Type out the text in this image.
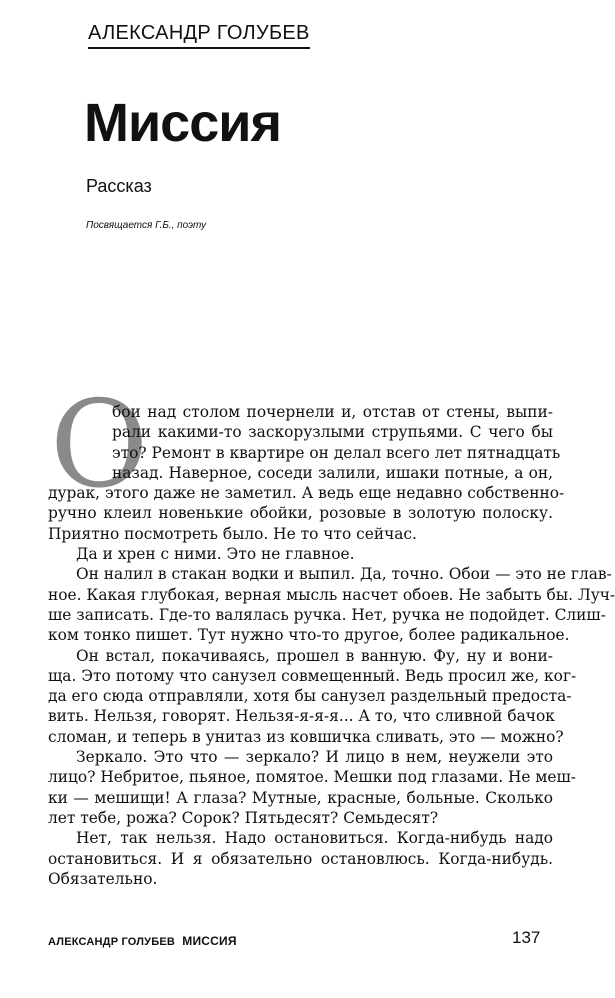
АЛЕКСАНДР ГОЛУБЕВ
Миссия
Рассказ
Посвящается Г.Б., поэту
О
бои над столом почернели и, отстав от стены, выпи-
рали какими-то заскорузлыми струпьями. С чего бы
это? Ремонт в квартире он делал всего лет пятнадцать
назад. Наверное, соседи залили, ишаки потные, а он,
дурак, этого даже не заметил. А ведь еще недавно собственно-
ручно клеил новенькие обойки, розовые в золотую полоску.
Приятно посмотреть было. Не то что сейчас.
Да и хрен с ними. Это не главное.
Он налил в стакан водки и выпил. Да, точно. Обои — это не глав-
ное. Какая глубокая, верная мысль насчет обоев. Не забыть бы. Луч-
ше записать. Где-то валялась ручка. Нет, ручка не подойдет. Слиш-
ком тонко пишет. Тут нужно что-то другое, более радикальное.
Он встал, покачиваясь, прошел в ванную. Фу, ну и вони-
ща. Это потому что санузел совмещенный. Ведь просил же, ког-
да его сюда отправляли, хотя бы санузел раздельный предоста-
вить. Нельзя, говорят. Нельзя-я-я-я... А то, что сливной бачок
сломан, и теперь в унитаз из ковшичка сливать, это — можно?
Зеркало. Это что — зеркало? И лицо в нем, неужели это
лицо? Небритое, пьяное, помятое. Мешки под глазами. Не меш-
ки — мешищи! А глаза? Мутные, красные, больные. Сколько
лет тебе, рожа? Сорок? Пятьдесят? Семьдесят?
Нет, так нельзя. Надо остановиться. Когда-нибудь надо
остановиться. И я обязательно остановлюсь. Когда-нибудь.
Обязательно.
АЛЕКСАНДР ГОЛУБЕВ МИССИЯ	137
